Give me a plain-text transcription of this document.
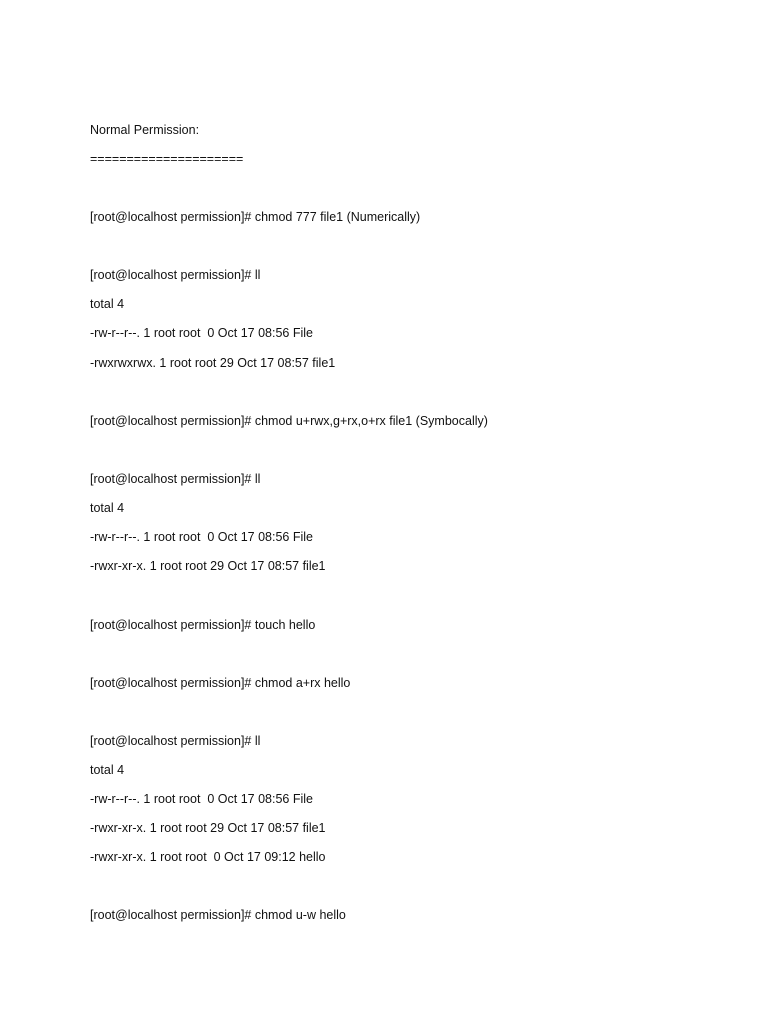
Normal Permission:

=====================

[root@localhost permission]# chmod 777 file1 (Numerically)

[root@localhost permission]# ll

total 4

-rw-r--r--. 1 root root  0 Oct 17 08:56 File

-rwxrwxrwx. 1 root root 29 Oct 17 08:57 file1

[root@localhost permission]# chmod u+rwx,g+rx,o+rx file1 (Symbocally)

[root@localhost permission]# ll

total 4

-rw-r--r--. 1 root root  0 Oct 17 08:56 File

-rwxr-xr-x. 1 root root 29 Oct 17 08:57 file1

[root@localhost permission]# touch hello

[root@localhost permission]# chmod a+rx hello

[root@localhost permission]# ll

total 4

-rw-r--r--. 1 root root  0 Oct 17 08:56 File

-rwxr-xr-x. 1 root root 29 Oct 17 08:57 file1

-rwxr-xr-x. 1 root root  0 Oct 17 09:12 hello

[root@localhost permission]# chmod u-w hello
